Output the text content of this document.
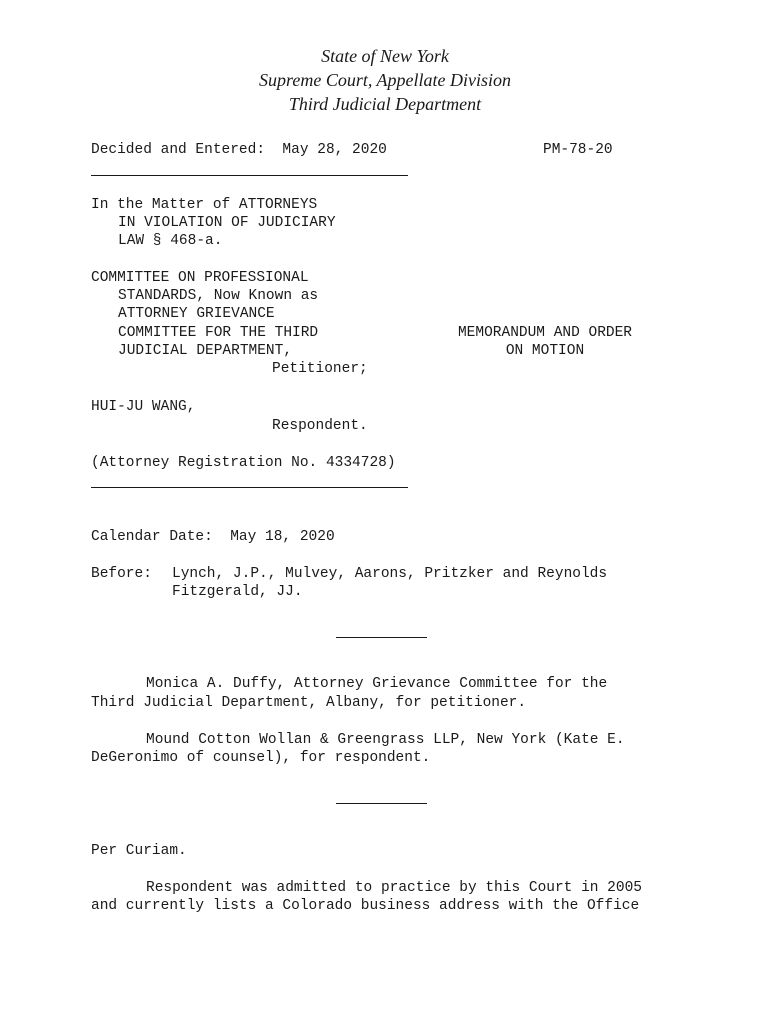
State of New York
Supreme Court, Appellate Division
Third Judicial Department
Decided and Entered:  May 28, 2020	PM-78-20
In the Matter of ATTORNEYS
IN VIOLATION OF JUDICIARY
LAW § 468-a.
COMMITTEE ON PROFESSIONAL
STANDARDS, Now Known as
ATTORNEY GRIEVANCE
COMMITTEE FOR THE THIRD
JUDICIAL DEPARTMENT,
Petitioner;
MEMORANDUM AND ORDER
ON MOTION
HUI-JU WANG,
Respondent.
(Attorney Registration No. 4334728)
Calendar Date:  May 18, 2020
Before: Lynch, J.P., Mulvey, Aarons, Pritzker and Reynolds
Fitzgerald, JJ.
Monica A. Duffy, Attorney Grievance Committee for the
Third Judicial Department, Albany, for petitioner.
Mound Cotton Wollan & Greengrass LLP, New York (Kate E.
DeGeronimo of counsel), for respondent.
Per Curiam.
Respondent was admitted to practice by this Court in 2005
and currently lists a Colorado business address with the Office
